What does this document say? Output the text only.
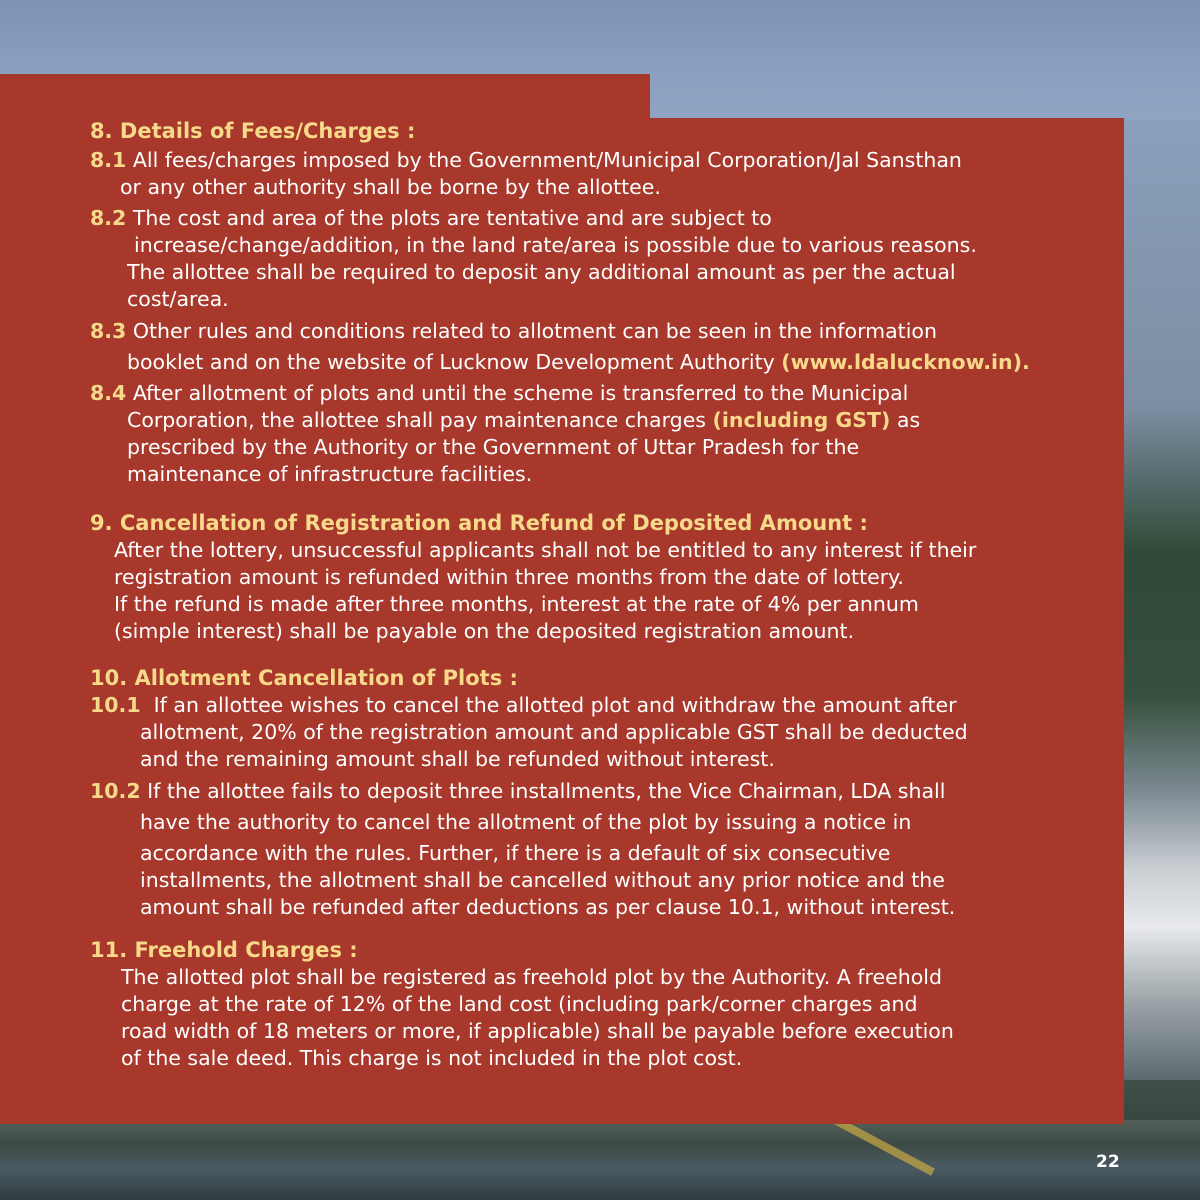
8. Details of Fees/Charges :

8.1 All fees/charges imposed by the Government/Municipal Corporation/Jal Sansthan

or any other authority shall be borne by the allottee.

8.2 The cost and area of the plots are tentative and are subject to

increase/change/addition, in the land rate/area is possible due to various reasons.

The allottee shall be required to deposit any additional amount as per the actual

cost/area.

8.3 Other rules and conditions related to allotment can be seen in the information

booklet and on the website of Lucknow Development Authority (www.ldalucknow.in).

8.4 After allotment of plots and until the scheme is transferred to the Municipal

Corporation, the allottee shall pay maintenance charges (including GST) as

prescribed by the Authority or the Government of Uttar Pradesh for the

maintenance of infrastructure facilities.

9. Cancellation of Registration and Refund of Deposited Amount :

After the lottery, unsuccessful applicants shall not be entitled to any interest if their

registration amount is refunded within three months from the date of lottery.

If the refund is made after three months, interest at the rate of 4% per annum

(simple interest) shall be payable on the deposited registration amount.

10. Allotment Cancellation of Plots :

10.1 If an allottee wishes to cancel the allotted plot and withdraw the amount after

allotment, 20% of the registration amount and applicable GST shall be deducted

and the remaining amount shall be refunded without interest.

10.2 If the allottee fails to deposit three installments, the Vice Chairman, LDA shall

have the authority to cancel the allotment of the plot by issuing a notice in

accordance with the rules. Further, if there is a default of six consecutive

installments, the allotment shall be cancelled without any prior notice and the

amount shall be refunded after deductions as per clause 10.1, without interest.

11. Freehold Charges :

The allotted plot shall be registered as freehold plot by the Authority. A freehold

charge at the rate of 12% of the land cost (including park/corner charges and

road width of 18 meters or more, if applicable) shall be payable before execution

of the sale deed. This charge is not included in the plot cost.

22
